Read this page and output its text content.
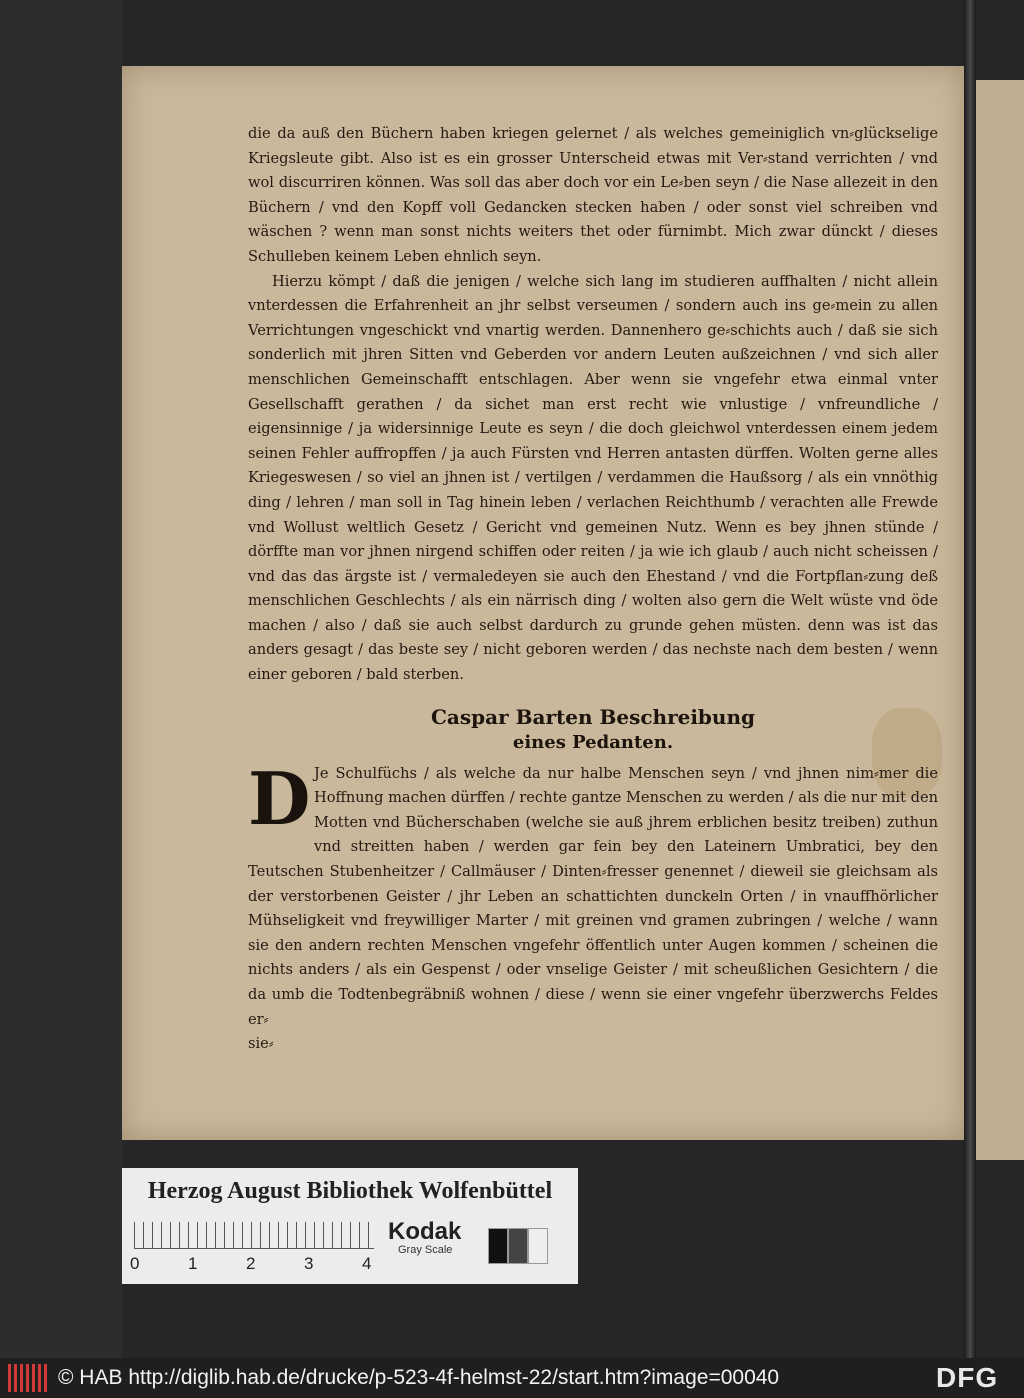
die da auß den Büchern haben kriegen gelernet / als welches gemeiniglich vn⸗glückselige Kriegsleute gibt. Also ist es ein grosser Unterscheid etwas mit Ver⸗stand verrichten / vnd wol discurriren können. Was soll das aber doch vor ein Le⸗ben seyn / die Nase allezeit in den Büchern / vnd den Kopff voll Gedancken stecken haben / oder sonst viel schreiben vnd wäschen ? wenn man sonst nichts weiters thet oder fürnimbt. Mich zwar dünckt / dieses Schulleben keinem Leben ehnlich seyn.

Hierzu kömpt / daß die jenigen / welche sich lang im studieren auffhalten / nicht allein vnterdessen die Erfahrenheit an jhr selbst verseumen / sondern auch ins ge⸗mein zu allen Verrichtungen vngeschickt vnd vnartig werden. Dannenhero ge⸗schichts auch / daß sie sich sonderlich mit jhren Sitten vnd Geberden vor andern Leuten außzeichnen / vnd sich aller menschlichen Gemeinschafft entschlagen. Aber wenn sie vngefehr etwa einmal vnter Gesellschafft gerathen / da sichet man erst recht wie vnlustige / vnfreundliche / eigensinnige / ja widersinnige Leute es seyn / die doch gleichwol vnterdessen einem jedem seinen Fehler auffropffen / ja auch Fürsten vnd Herren antasten dürffen. Wolten gerne alles Kriegeswesen / so viel an jhnen ist / vertilgen / verdammen die Haußsorg / als ein vnnöthig ding / lehren / man soll in Tag hinein leben / verlachen Reichthumb / verachten alle Frewde vnd Wollust weltlich Gesetz / Gericht vnd gemeinen Nutz. Wenn es bey jhnen stünde / dörffte man vor jhnen nirgend schiffen oder reiten / ja wie ich glaub / auch nicht scheissen / vnd das das ärgste ist / vermaledeyen sie auch den Ehestand / vnd die Fortpflan⸗zung deß menschlichen Geschlechts / als ein närrisch ding / wolten also gern die Welt wüste vnd öde machen / also / daß sie auch selbst dardurch zu grunde gehen müsten. denn was ist das anders gesagt / das beste sey / nicht geboren werden / das nechste nach dem besten / wenn einer geboren / bald sterben.

Caspar Barten Beschreibung
eines Pedanten.
D Je Schulfüchs / als welche da nur halbe Menschen seyn / vnd jhnen nim⸗mer die Hoffnung machen dürffen / rechte gantze Menschen zu werden / als die nur mit den Motten vnd Bücherschaben (welche sie auß jhrem erblichen besitz treiben) zuthun vnd streitten haben / werden gar fein bey den Lateinern Umbratici, bey den Teutschen Stubenheitzer / Callmäuser / Dinten⸗fresser genennet / dieweil sie gleichsam als der verstorbenen Geister / jhr Leben an schattichten dunckeln Orten / in vnauffhörlicher Mühseligkeit vnd freywilliger Marter / mit greinen vnd gramen zubringen / welche / wann sie den andern rechten Menschen vngefehr öffentlich unter Augen kommen / scheinen die nichts anders / als ein Gespenst / oder vnselige Geister / mit scheußlichen Gesichtern / die da umb die Todtenbegräbniß wohnen / diese / wenn sie einer vngefehr überzwerchs Feldes er⸗

sie⸗

Herzog August Bibliothek Wolfenbüttel
0	1	2	3	4
Kodak
Gray Scale
© HAB http://diglib.hab.de/drucke/p-523-4f-helmst-22/start.htm?image=00040	DFG
